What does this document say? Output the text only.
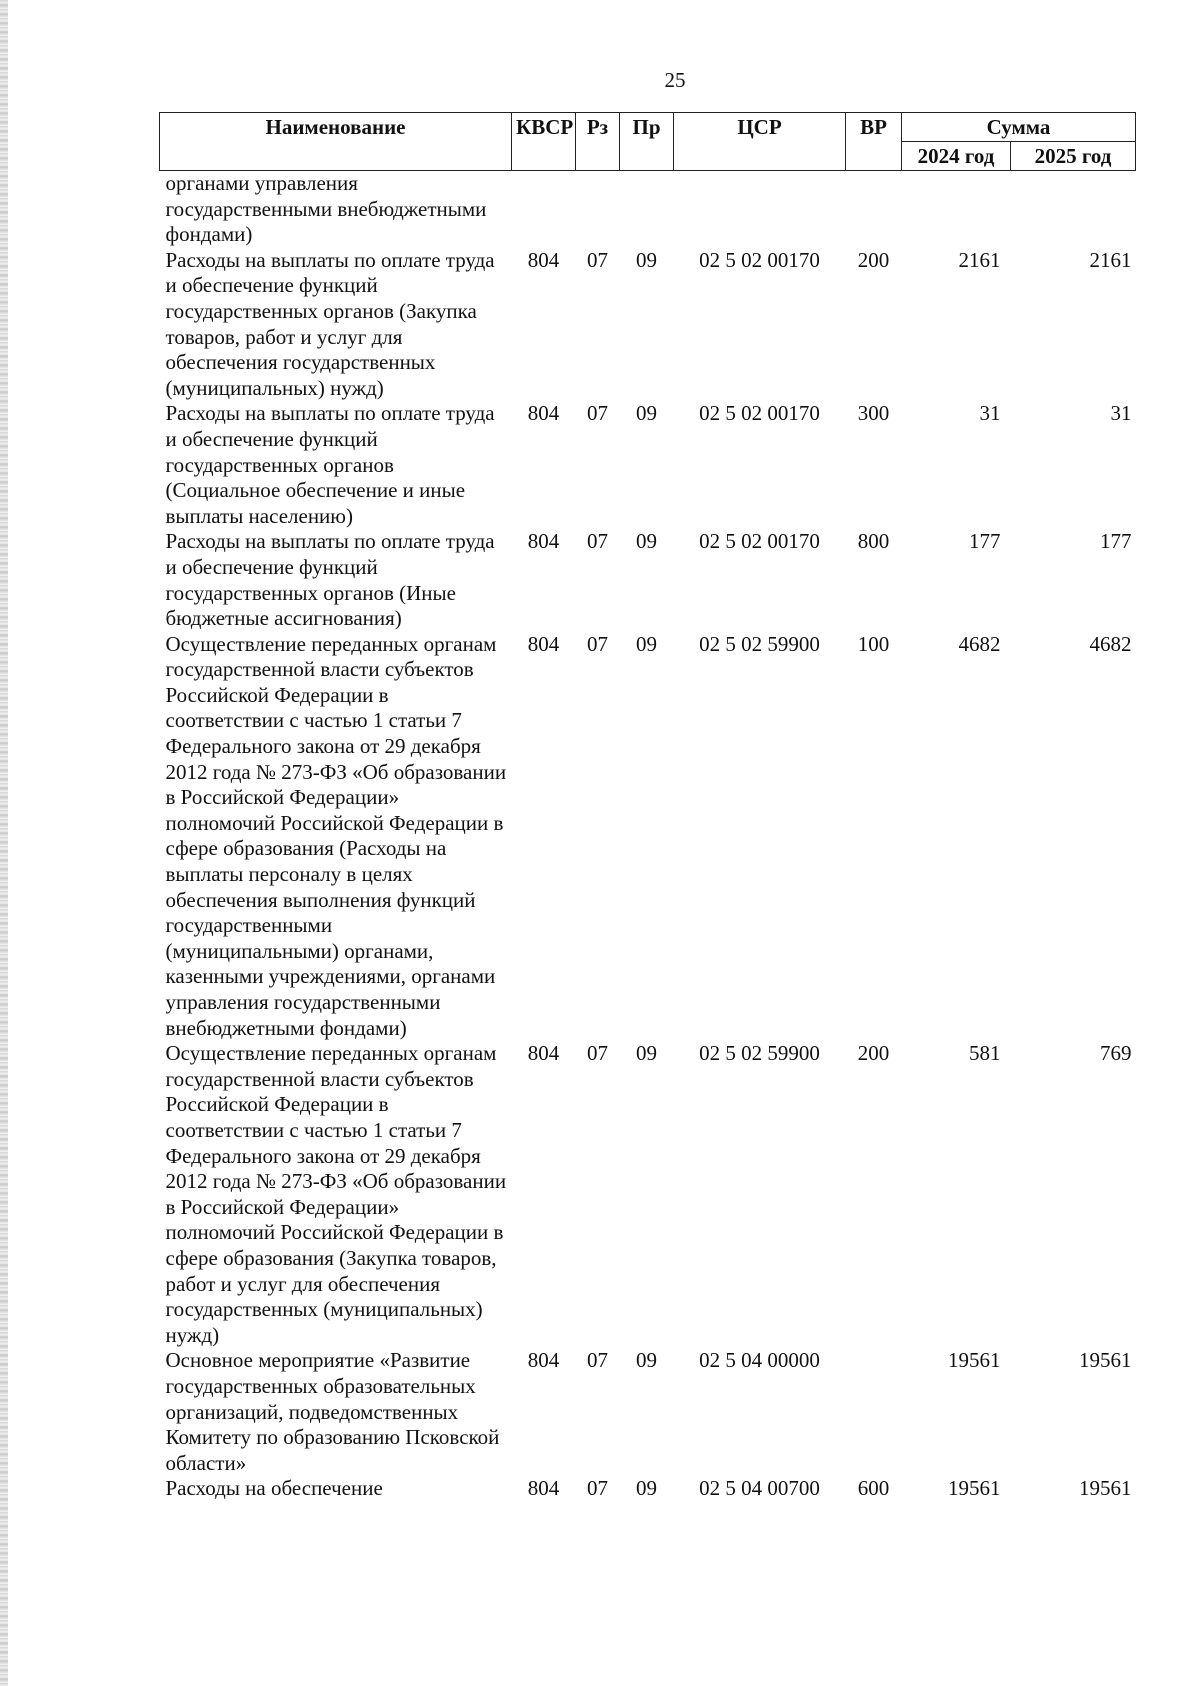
25
Наименование	КВСР	Рз	Пр	ЦСР	ВР	Сумма	
						2024 год	2025 год
органами управления государственными внебюджетными фондами)							
Расходы на выплаты по оплате труда и обеспечение функций государственных органов (Закупка товаров, работ и услуг для обеспечения государственных (муниципальных) нужд)	804	07	09	02 5 02 00170	200	2161	2161
Расходы на выплаты по оплате труда и обеспечение функций государственных органов (Социальное обеспечение и иные выплаты населению)	804	07	09	02 5 02 00170	300	31	31
Расходы на выплаты по оплате труда и обеспечение функций государственных органов (Иные бюджетные ассигнования)	804	07	09	02 5 02 00170	800	177	177
Осуществление переданных органам государственной власти субъектов Российской Федерации в соответствии с частью 1 статьи 7 Федерального закона от 29 декабря 2012 года № 273-ФЗ «Об образовании в Российской Федерации» полномочий Российской Федерации в сфере образования (Расходы на выплаты персоналу в целях обеспечения выполнения функций государственными (муниципальными) органами, казенными учреждениями, органами управления государственными внебюджетными фондами)	804	07	09	02 5 02 59900	100	4682	4682
Осуществление переданных органам государственной власти субъектов Российской Федерации в соответствии с частью 1 статьи 7 Федерального закона от 29 декабря 2012 года № 273-ФЗ «Об образовании в Российской Федерации» полномочий Российской Федерации в сфере образования (Закупка товаров, работ и услуг для обеспечения государственных (муниципальных) нужд)	804	07	09	02 5 02 59900	200	581	769
Основное мероприятие «Развитие государственных образовательных организаций, подведомственных Комитету по образованию Псковской области»	804	07	09	02 5 04 00000		19561	19561
Расходы на обеспечение	804	07	09	02 5 04 00700	600	19561	19561
